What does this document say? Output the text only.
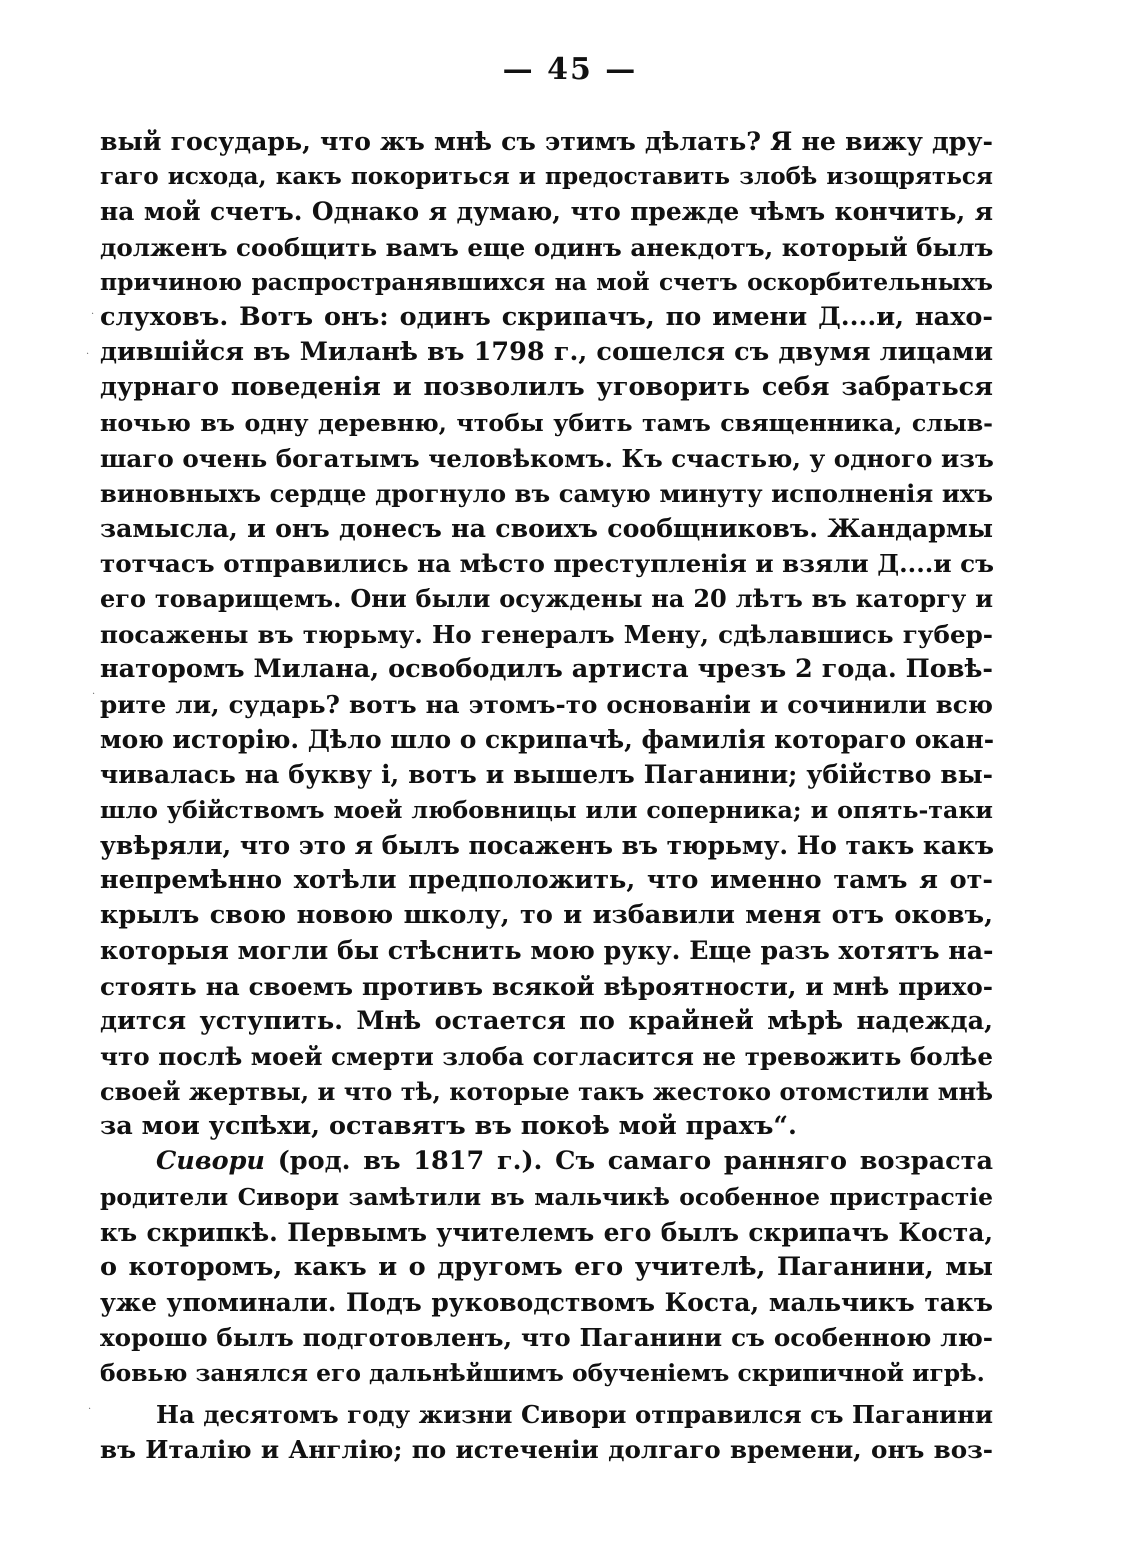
— 45 —
вый государь, что жъ мнѣ съ этимъ дѣлать? Я не вижу дру-
гаго исхода, какъ покориться и предоставить злобѣ изощряться
на мой счетъ. Однако я думаю, что прежде чѣмъ кончить, я
долженъ сообщить вамъ еще одинъ анекдотъ, который былъ
причиною распространявшихся на мой счетъ оскорбительныхъ
слуховъ. Вотъ онъ: одинъ скрипачъ, по имени Д....и, нахо-
дившійся въ Миланѣ въ 1798 г., сошелся съ двумя лицами
дурнаго поведенія и позволилъ уговорить себя забраться
ночью въ одну деревню, чтобы убить тамъ священника, слыв-
шаго очень богатымъ человѣкомъ. Къ счастью, у одного изъ
виновныхъ сердце дрогнуло въ самую минуту исполненія ихъ
замысла, и онъ донесъ на своихъ сообщниковъ. Жандармы
тотчасъ отправились на мѣсто преступленія и взяли Д....и съ
его товарищемъ. Они были осуждены на 20 лѣтъ въ каторгу и
посажены въ тюрьму. Но генералъ Мену, сдѣлавшись губер-
наторомъ Милана, освободилъ артиста чрезъ 2 года. Повѣ-
рите ли, сударь? вотъ на этомъ-то основаніи и сочинили всю
мою исторію. Дѣло шло о скрипачѣ, фамилія котораго окан-
чивалась на букву і, вотъ и вышелъ Паганини; убійство вы-
шло убійствомъ моей любовницы или соперника; и опять-таки
увѣряли, что это я былъ посаженъ въ тюрьму. Но такъ какъ
непремѣнно хотѣли предположить, что именно тамъ я от-
крылъ свою новою школу, то и избавили меня отъ оковъ,
которыя могли бы стѣснить мою руку. Еще разъ хотятъ на-
стоять на своемъ противъ всякой вѣроятности, и мнѣ прихо-
дится уступить. Мнѣ остается по крайней мѣрѣ надежда,
что послѣ моей смерти злоба согласится не тревожить болѣе
своей жертвы, и что тѣ, которые такъ жестоко отомстили мнѣ
за мои успѣхи, оставятъ въ покоѣ мой прахъ“.
Сивори (род. въ 1817 г.). Съ самаго ранняго возраста
родители Сивори замѣтили въ мальчикѣ особенное пристрастіе
къ скрипкѣ. Первымъ учителемъ его былъ скрипачъ Коста,
о которомъ, какъ и о другомъ его учителѣ, Паганини, мы
уже упоминали. Подъ руководствомъ Коста, мальчикъ такъ
хорошо былъ подготовленъ, что Паганини съ особенною лю-
бовью занялся его дальнѣйшимъ обученіемъ скрипичной игрѣ.
На десятомъ году жизни Сивори отправился съ Паганини
въ Италію и Англію; по истеченіи долгаго времени, онъ воз-
·
·
·
·
